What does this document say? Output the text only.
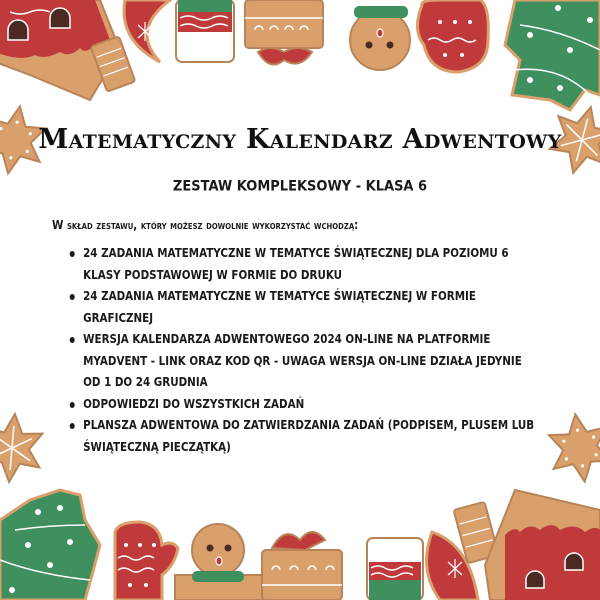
Matematyczny Kalendarz Adwentowy
ZESTAW KOMPLEKSOWY - KLASA 6
W skład zestawu, który możesz dowolnie wykorzystać wchodzą:
24 ZADANIA MATEMATYCZNE W TEMATYCE ŚWIĄTECZNEJ DLA POZIOMU 6 KLASY PODSTAWOWEJ W FORMIE DO DRUKU
24 ZADANIA MATEMATYCZNE W TEMATYCE ŚWIĄTECZNEJ W FORMIE GRAFICZNEJ
WERSJA KALENDARZA ADWENTOWEGO 2024 ON-LINE NA PLATFORMIE MYADVENT - LINK ORAZ KOD QR - UWAGA WERSJA ON-LINE DZIAŁA JEDYNIE OD 1 DO 24 GRUDNIA
ODPOWIEDZI DO WSZYSTKICH ZADAŃ
PLANSZA ADWENTOWA DO ZATWIERDZANIA ZADAŃ (PODPISEM, PLUSEM LUB ŚWIĄTECZNĄ PIECZĄTKĄ)
